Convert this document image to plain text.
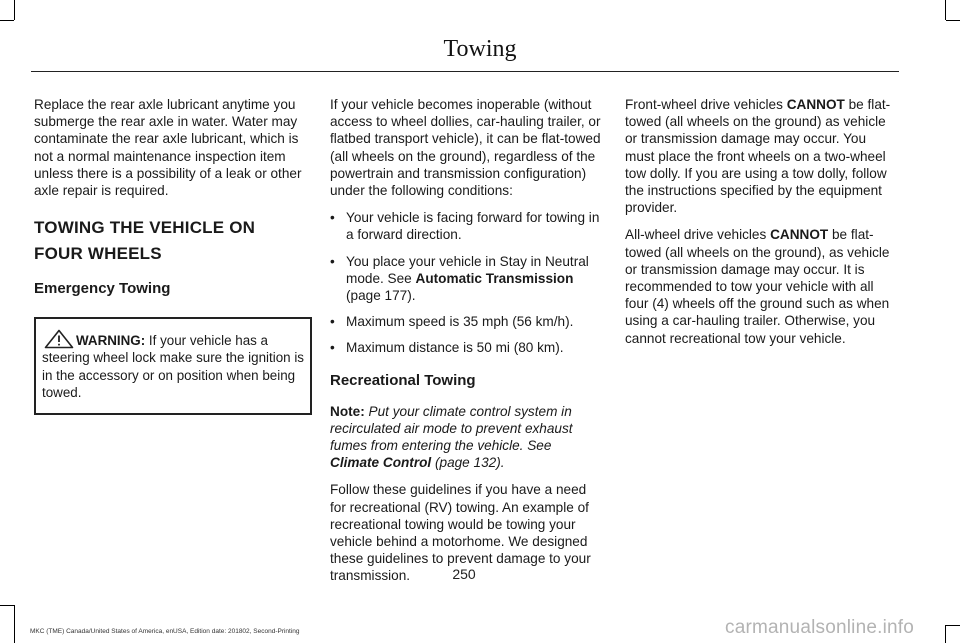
Towing

Replace the rear axle lubricant anytime you submerge the rear axle in water. Water may contaminate the rear axle lubricant, which is not a normal maintenance inspection item unless there is a possibility of a leak or other axle repair is required.

TOWING THE VEHICLE ON FOUR WHEELS
Emergency Towing
WARNING: If your vehicle has a steering wheel lock make sure the ignition is in the accessory or on position when being towed.

If your vehicle becomes inoperable (without access to wheel dollies, car-hauling trailer, or flatbed transport vehicle), it can be flat-towed (all wheels on the ground), regardless of the powertrain and transmission configuration) under the following conditions:

• Your vehicle is facing forward for towing in a forward direction.
• You place your vehicle in Stay in Neutral mode. See Automatic Transmission (page 177).
• Maximum speed is 35 mph (56 km/h).
• Maximum distance is 50 mi (80 km).
Recreational Towing

Note: Put your climate control system in recirculated air mode to prevent exhaust fumes from entering the vehicle. See Climate Control (page 132).

Follow these guidelines if you have a need for recreational (RV) towing. An example of recreational towing would be towing your vehicle behind a motorhome. We designed these guidelines to prevent damage to your transmission.

Front-wheel drive vehicles CANNOT be flat-towed (all wheels on the ground) as vehicle or transmission damage may occur. You must place the front wheels on a two-wheel tow dolly. If you are using a tow dolly, follow the instructions specified by the equipment provider.

All-wheel drive vehicles CANNOT be flat-towed (all wheels on the ground), as vehicle or transmission damage may occur. It is recommended to tow your vehicle with all four (4) wheels off the ground such as when using a car-hauling trailer. Otherwise, you cannot recreational tow your vehicle.

250
MKC (TME) Canada/United States of America, enUSA, Edition date: 201802, Second-Printing	carmanualsonline.info
